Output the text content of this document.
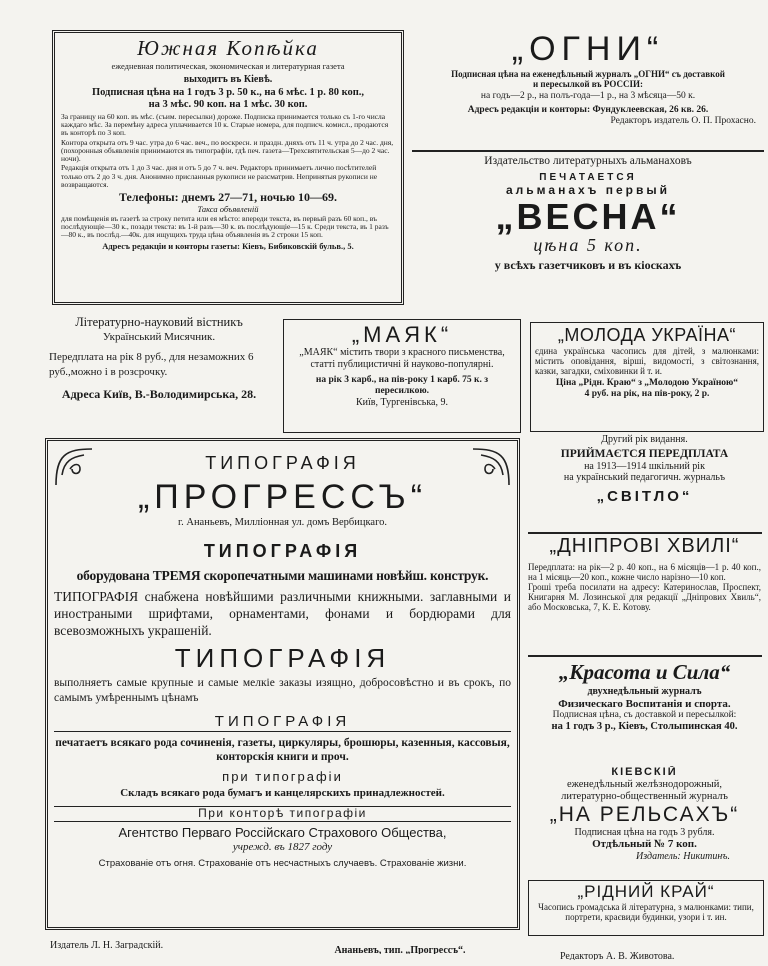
Южная Копѣйка
ежедневная политическая, экономическая и литературная газета
выходитъ въ Кіевѣ.
Подписная цѣна на 1 годъ 3 р. 50 к., на 6 мѣс. 1 р. 80 коп.,
на 3 мѣс. 90 коп. на 1 мѣс. 30 коп.
За границу на 60 коп. въ мѣс. (съим. пересылки) дороже. Подписка принимается только съ 1-го числа каждаго мѣс. За перемѣну адреса уплачивается 10 к. Старые номера, для подписч. комисл., продаются въ конторѣ по 3 коп.
Контора открыта отъ 9 час. утра до 6 час. веч., по воскресн. и праздн. дняхъ отъ 11 ч. утра до 2 час. дня, (похоронныя объявленія принимаются въ типографіи, гдѣ печ. газета—Трехсвятительская 5—до 2 час. ночи).
Редакція открыта отъ 1 до 3 час. дня и отъ 5 до 7 ч. веч. Редакторъ принимаетъ лично посѣтителей только отъ 2 до 3 ч. дня. Анонимно присланныя рукописи не разсматрив. Непринятыя рукописи не возвращаются.
Телефоны: днемъ 27—71, ночью 10—69.
Такса объявленій
для помѣщенія въ газетѣ за строку петита или ея мѣсто: впереди текста, въ первый разъ 60 коп., въ послѣдующіе—30 к., позади текста: въ 1-й разъ—30 к. въ послѣдующіе—15 к. Среди текста, въ 1 разъ—80 к., въ послѣд.—40к. для ищущихъ труда цѣна объявленія въ 2 строки 15 коп.
Адресъ редакціи и конторы газеты: Кіевъ, Бибиковскій бульв., 5.
„ОГНИ“
Подписная цѣна на еженедѣльный журналъ „ОГНИ“ съ доставкой
и пересылкой въ РОССІИ:
на годъ—2 р., на полъ-года—1 р., на 3 мѣсяца—50 к.
Адресъ редакціи и конторы: Фундуклеевская, 26 кв. 26.
Редакторъ издатель О. П. Прохасно.
Издательство литературныхъ альманаховъ
ПЕЧАТАЕТСЯ
альманахъ первый
„ВЕСНА“
цѣна 5 коп.
у всѣхъ газетчиковъ и въ кіоскахъ
Літературно-науковий вістникъ
Український Мисячник.
Передплата на рік 8 руб., для незаможних 6 руб.,можно і в розсрочку.
Адреса Київ, В.-Володимирська, 28.
„МАЯК“
„МАЯК“ містить твори з красного письменства, статті публицистичні й науково-популярні.
на рік 3 карб., на пів-року 1 карб. 75 к. з пересилкою.
Київ, Тургенівська, 9.
„МОЛОДА УКРАЇНА“
єдина українська часопись для дітей, з малюнками: містить оповідання, вірші, видомості, з світознання, казки, загадки, сміховинки й т. и.
Ціна „Рідн. Краю“ з „Молодою Україною“
4 руб. на рік, на пів-року, 2 р.
ТИПОГРАФІЯ
„ПРОГРЕССЪ“
г. Ананьевъ, Миллiонная ул. домъ Вербицкаго.
ТИПОГРАФІЯ
оборудована ТРЕМЯ скоропечатными машинами новѣйш. конструк.
ТИПОГРАФІЯ снабжена новѣйшими различными книжными. заглавными и иностраными шрифтами, орнаментами, фонами и бордюрами для всевозможныхъ украшеній.
ТИПОГРАФІЯ
выполняетъ самые крупные и самые мелкіе заказы изящно, добросовѣстно и въ срокъ, по самымъ умѣреннымъ цѣнамъ
ТИПОГРАФІЯ
печатаетъ всякаго рода сочиненія, газеты, циркуляры, брошюры, казенныя, кассовыя, конторскія книги и проч.
при типографіи
Складъ всякаго рода бумагъ и канцелярскихъ принадлежностей.
При конторѣ типографіи
Агентство Перваго Россійскаго Страхового Общества,
учрежд. въ 1827 году
Страхованіе отъ огня. Страхованіе отъ несчастныхъ случаевъ. Страхованіе жизни.
Другий рік видання.
ПРИЙМАЄТСЯ ПЕРЕДПЛАТА
на 1913—1914 шкільний рік
на український педагогичн. журнальъ
„СВІТЛО“
„ДНІПРОВІ ХВИЛІ“
Передплата: на рік—2 р. 40 коп., на 6 місяців—1 р. 40 коп., на 1 місяць—20 коп., кожне число нарізно—10 коп.
Гроші треба посилати на адресу: Катеринослав, Проспект, Книгарня М. Лозинської для редакції „Дніпрових Хвиль“, або Московська, 7, К. Е. Котову.
„Красота и Сила“
двухнедѣльный журналъ
Физическаго Воспитанія и спорта.
Подписная цѣна, съ доставкой и пересылкой:
на 1 годъ 3 р., Кіевъ, Столыпинская 40.
КІЕВСКІЙ
еженедѣльный желѣзнодорожный,
литературно-общественный журналъ
„НА РЕЛЬСАХЪ“
Подписная цѣна на годъ 3 рубля.
Отдѣльный № 7 коп.
Издатель: Никитинъ.
„РІДНИЙ КРАЙ“
Часопись громадська й літературна, з малюнками: типи, портрети, краєвиди будинки, узори і т. ин.
Издатель Л. Н. Заградскій.	Ананьевъ, тип. „Прогрессъ“.
Редакторъ А. В. Животова.
